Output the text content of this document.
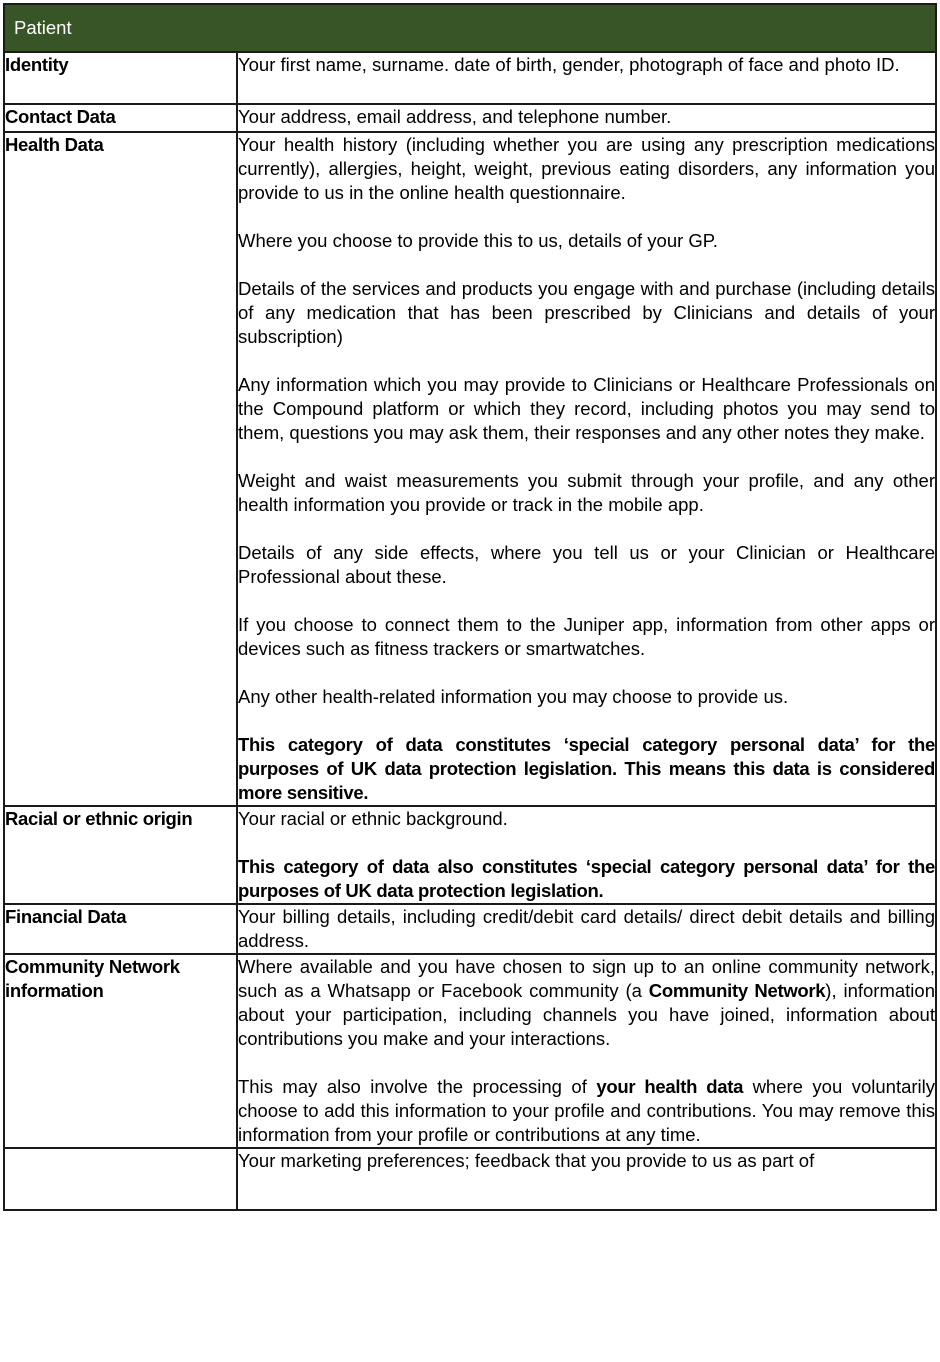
Patient	
Identity	Your first name, surname. date of birth, gender, photograph of face and photo ID.

Contact Data	Your address, email address, and telephone number.

Health Data	Your health history (including whether you are using any prescription medications currently), allergies, height, weight, previous eating disorders, any information you provide to us in the online health questionnaire.

Where you choose to provide this to us, details of your GP.

Details of the services and products you engage with and purchase (including details of any medication that has been prescribed by Clinicians and details of your subscription)

Any information which you may provide to Clinicians or Healthcare Professionals on the Compound platform or which they record, including photos you may send to them, questions you may ask them, their responses and any other notes they make.

Weight and waist measurements you submit through your profile, and any other health information you provide or track in the mobile app.

Details of any side effects, where you tell us or your Clinician or Healthcare Professional about these.

If you choose to connect them to the Juniper app, information from other apps or devices such as fitness trackers or smartwatches.

Any other health-related information you may choose to provide us.

This category of data constitutes ‘special category personal data’ for the purposes of UK data protection legislation. This means this data is considered more sensitive.

Racial or ethnic origin	Your racial or ethnic background.

This category of data also constitutes ‘special category personal data’ for the purposes of UK data protection legislation.

Financial Data	Your billing details, including credit/debit card details/ direct debit details and billing address.

Community Network information	Where available and you have chosen to sign up to an online community network, such as a Whatsapp or Facebook community (a Community Network), information about your participation, including channels you have joined, information about contributions you make and your interactions.

This may also involve the processing of your health data where you voluntarily choose to add this information to your profile and contributions. You may remove this information from your profile or contributions at any time.

	Your marketing preferences; feedback that you provide to us as part of
